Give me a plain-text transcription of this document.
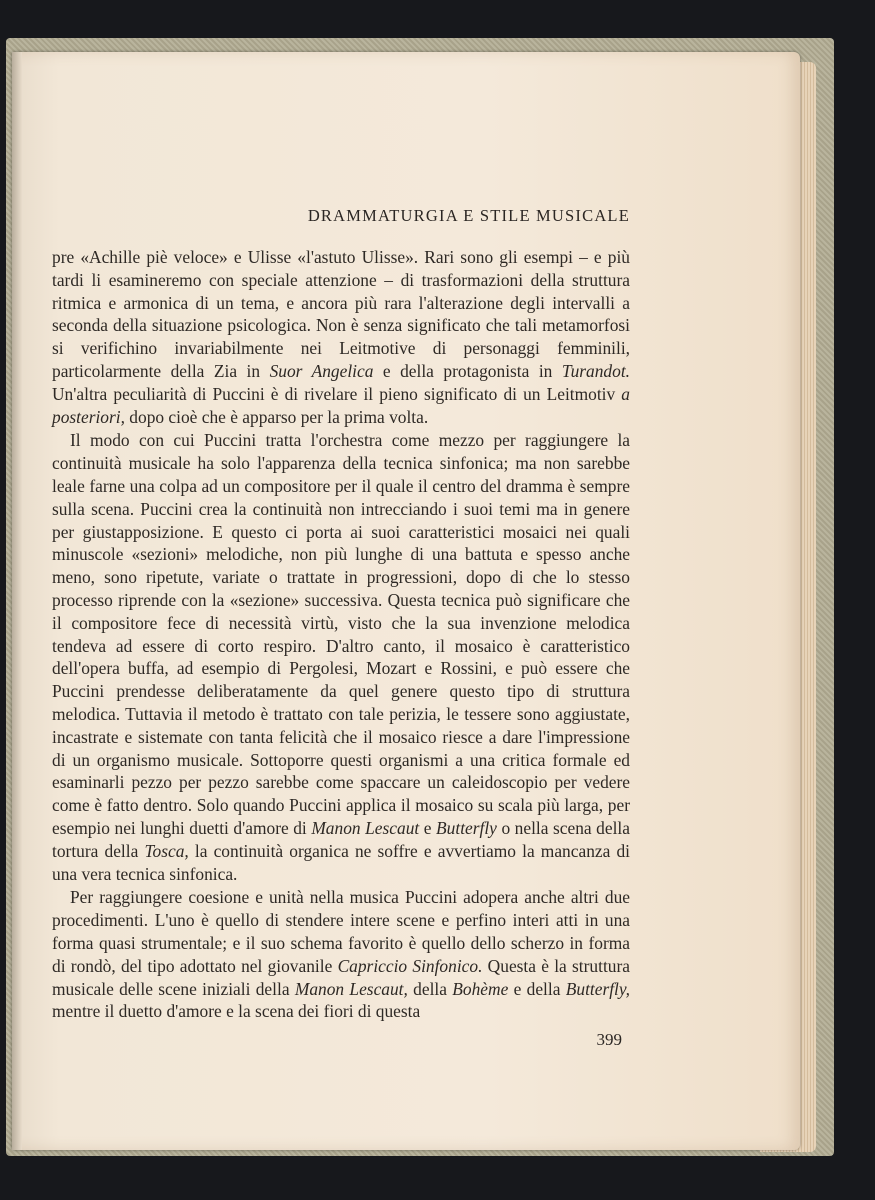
DRAMMATURGIA E STILE MUSICALE

pre «Achille piè veloce» e Ulisse «l'astuto Ulisse». Rari sono gli esempi – e più tardi li esamineremo con speciale attenzione – di trasformazioni della struttura ritmica e armonica di un tema, e ancora più rara l'alterazione degli intervalli a seconda della situazione psicologica. Non è senza significato che tali metamorfosi si verifichino invariabilmente nei Leitmotive di personaggi femminili, particolarmente della Zia in Suor Angelica e della protagonista in Turandot. Un'altra peculiarità di Puccini è di rivelare il pieno significato di un Leitmotiv a posteriori, dopo cioè che è apparso per la prima volta.

Il modo con cui Puccini tratta l'orchestra come mezzo per raggiungere la continuità musicale ha solo l'apparenza della tecnica sinfonica; ma non sarebbe leale farne una colpa ad un compositore per il quale il centro del dramma è sempre sulla scena. Puccini crea la continuità non intrecciando i suoi temi ma in genere per giustapposizione. E questo ci porta ai suoi caratteristici mosaici nei quali minuscole «sezioni» melodiche, non più lunghe di una battuta e spesso anche meno, sono ripetute, variate o trattate in progressioni, dopo di che lo stesso processo riprende con la «sezione» successiva. Questa tecnica può significare che il compositore fece di necessità virtù, visto che la sua invenzione melodica tendeva ad essere di corto respiro. D'altro canto, il mosaico è caratteristico dell'opera buffa, ad esempio di Pergolesi, Mozart e Rossini, e può essere che Puccini prendesse deliberatamente da quel genere questo tipo di struttura melodica. Tuttavia il metodo è trattato con tale perizia, le tessere sono aggiustate, incastrate e sistemate con tanta felicità che il mosaico riesce a dare l'impressione di un organismo musicale. Sottoporre questi organismi a una critica formale ed esaminarli pezzo per pezzo sarebbe come spaccare un caleidoscopio per vedere come è fatto dentro. Solo quando Puccini applica il mosaico su scala più larga, per esempio nei lunghi duetti d'amore di Manon Lescaut e Butterfly o nella scena della tortura della Tosca, la continuità organica ne soffre e avvertiamo la mancanza di una vera tecnica sinfonica.

Per raggiungere coesione e unità nella musica Puccini adopera anche altri due procedimenti. L'uno è quello di stendere intere scene e perfino interi atti in una forma quasi strumentale; e il suo schema favorito è quello dello scherzo in forma di rondò, del tipo adottato nel giovanile Capriccio Sinfonico. Questa è la struttura musicale delle scene iniziali della Manon Lescaut, della Bohème e della Butterfly, mentre il duetto d'amore e la scena dei fiori di questa

399
